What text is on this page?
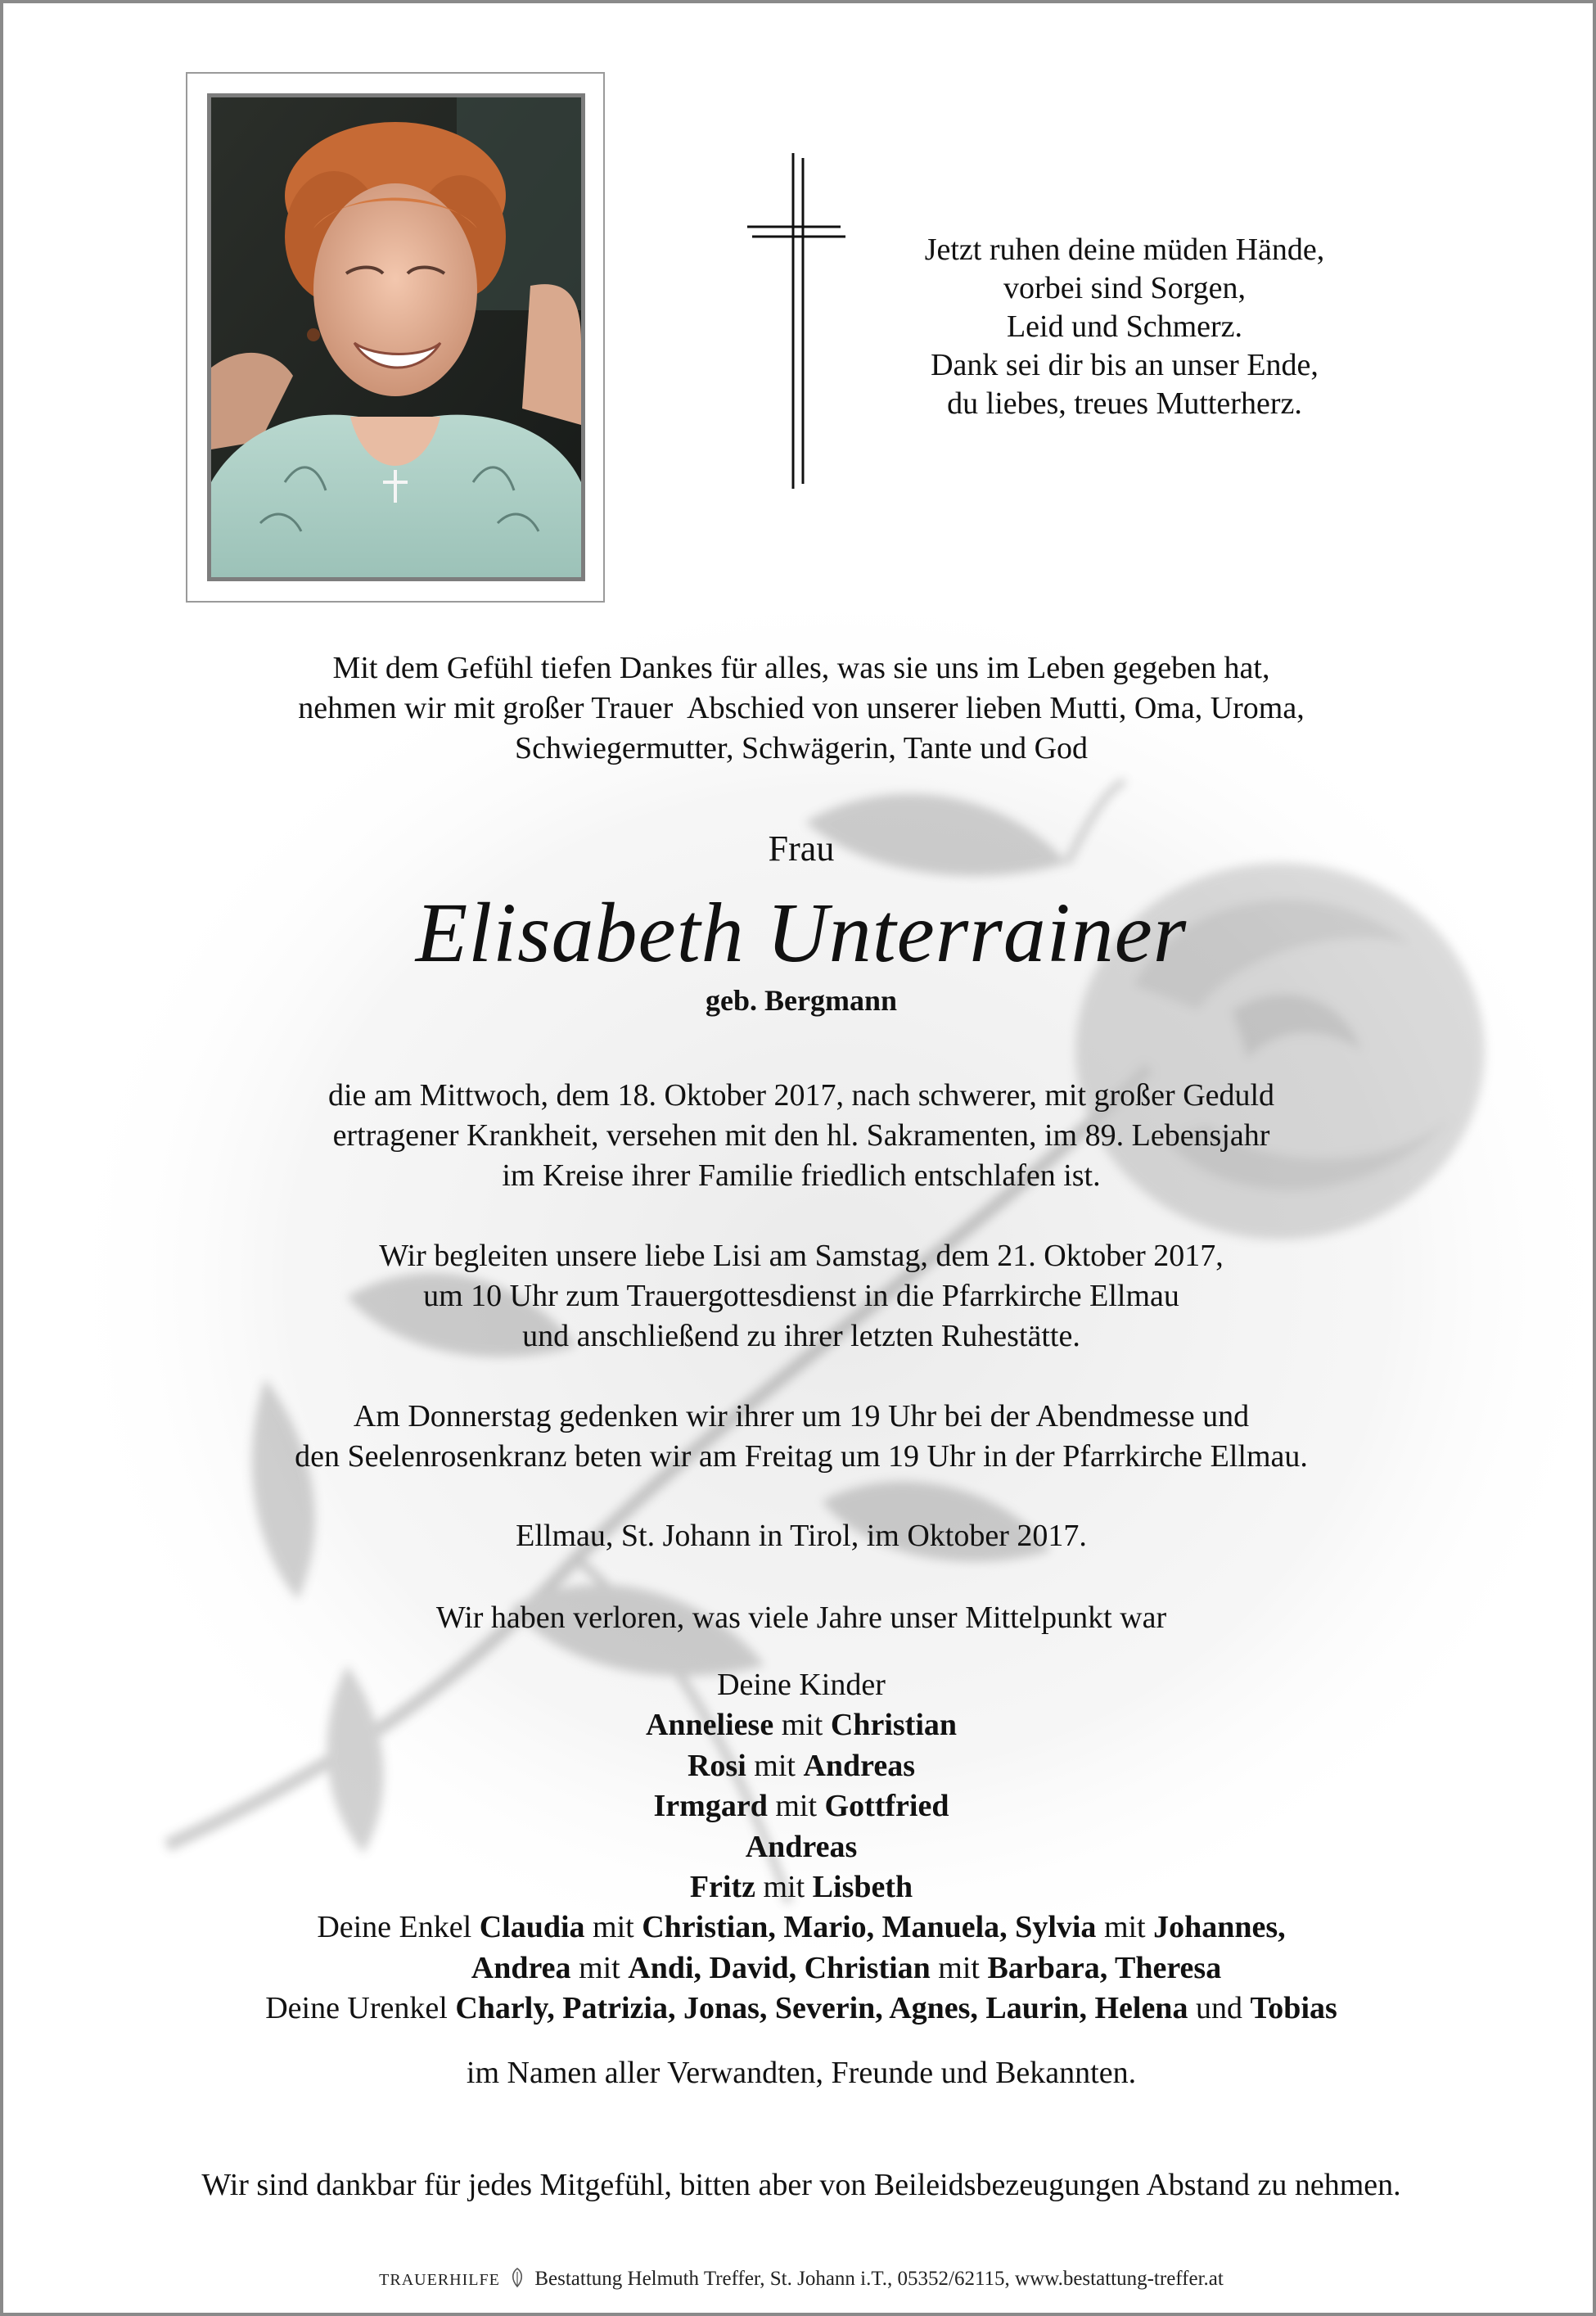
Jetzt ruhen deine müden Hände,
vorbei sind Sorgen,
Leid und Schmerz.
Dank sei dir bis an unser Ende,
du liebes, treues Mutterherz.
Mit dem Gefühl tiefen Dankes für alles, was sie uns im Leben gegeben hat,
nehmen wir mit großer Trauer  Abschied von unserer lieben Mutti, Oma, Uroma,
Schwiegermutter, Schwägerin, Tante und God
Frau
Elisabeth Unterrainer
geb. Bergmann
die am Mittwoch, dem 18. Oktober 2017, nach schwerer, mit großer Geduld
ertragener Krankheit, versehen mit den hl. Sakramenten, im 89. Lebensjahr
im Kreise ihrer Familie friedlich entschlafen ist.
Wir begleiten unsere liebe Lisi am Samstag, dem 21. Oktober 2017,
um 10 Uhr zum Trauergottesdienst in die Pfarrkirche Ellmau
und anschließend zu ihrer letzten Ruhestätte.
Am Donnerstag gedenken wir ihrer um 19 Uhr bei der Abendmesse und
den Seelenrosenkranz beten wir am Freitag um 19 Uhr in der Pfarrkirche Ellmau.
Ellmau, St. Johann in Tirol, im Oktober 2017.
Wir haben verloren, was viele Jahre unser Mittelpunkt war
Deine Kinder
Anneliese mit Christian
Rosi mit Andreas
Irmgard mit Gottfried
Andreas
Fritz mit Lisbeth
Deine Enkel Claudia mit Christian, Mario, Manuela, Sylvia mit Johannes,
Andrea mit Andi, David, Christian mit Barbara, Theresa
Deine Urenkel Charly, Patrizia, Jonas, Severin, Agnes, Laurin, Helena und Tobias
im Namen aller Verwandten, Freunde und Bekannten.
Wir sind dankbar für jedes Mitgefühl, bitten aber von Beileidsbezeugungen Abstand zu nehmen.
TRAUERHILFE Bestattung Helmuth Treffer, St. Johann i.T., 05352/62115, www.bestattung-treffer.at
